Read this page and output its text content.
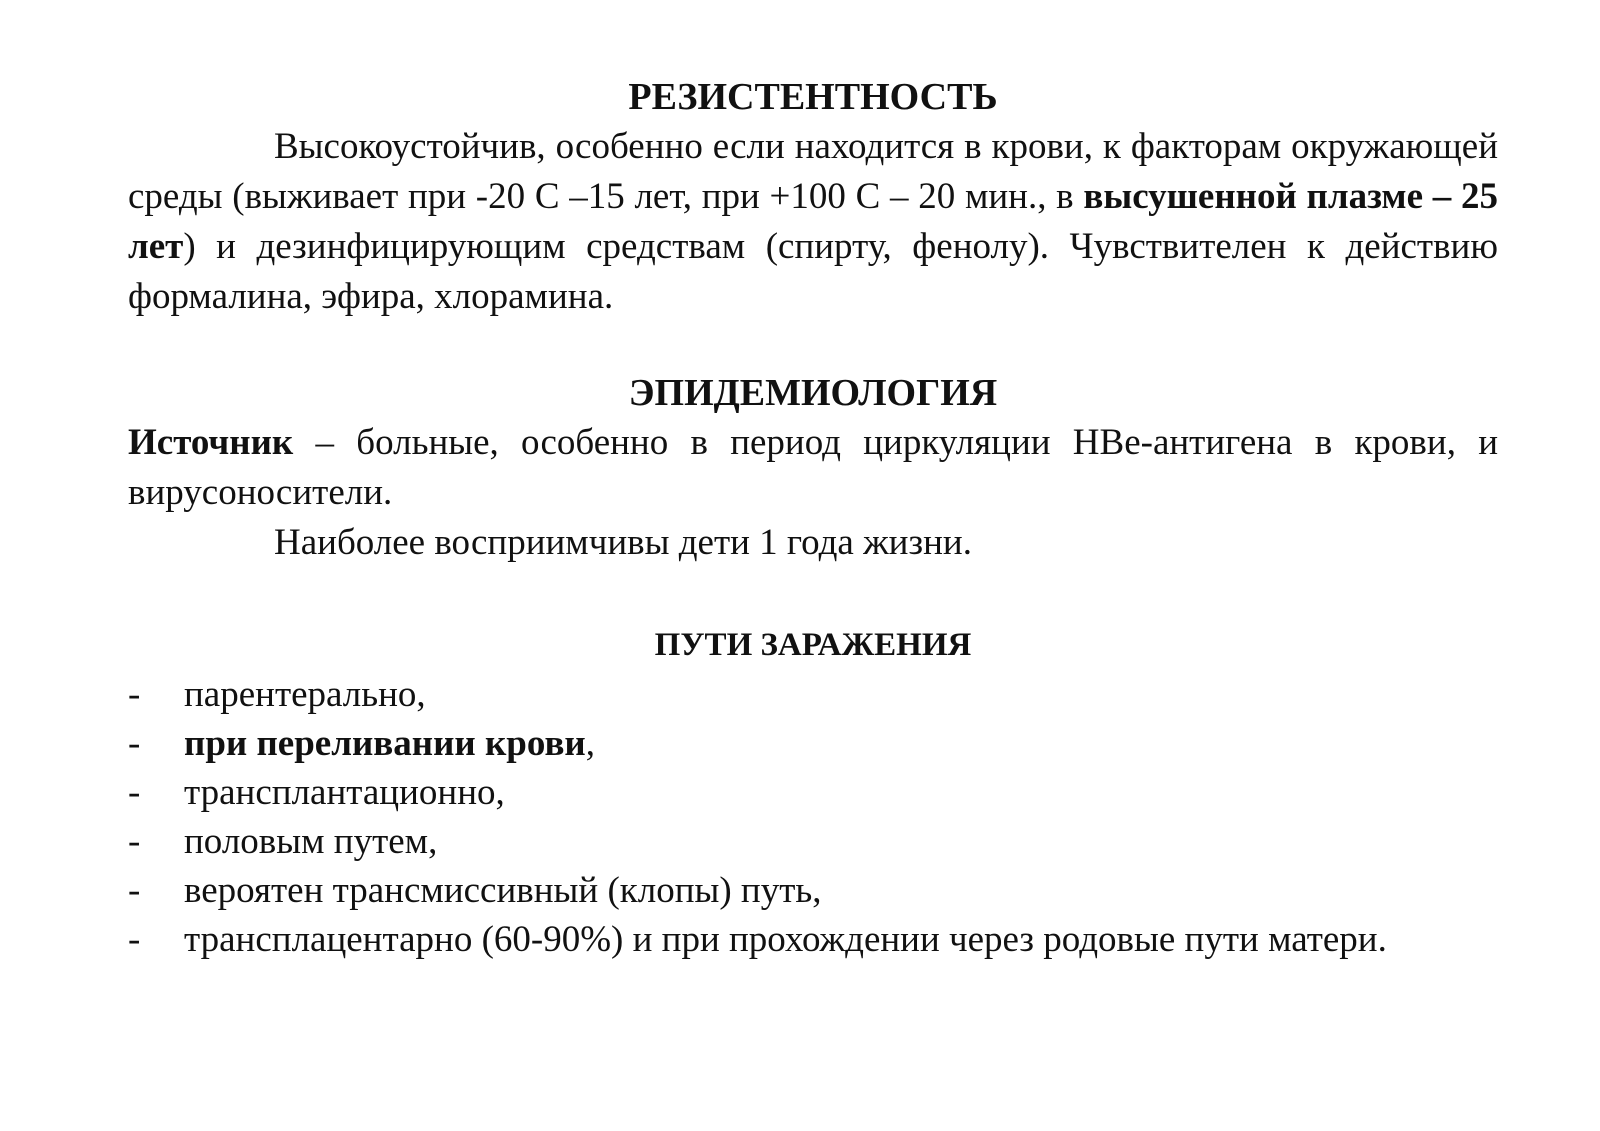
РЕЗИСТЕНТНОСТЬ

Высокоустойчив, особенно если находится в крови, к факторам окружающей среды (выживает при -20 С –15 лет, при +100 С – 20 мин., в высушенной плазме – 25 лет) и дезинфицирующим средствам (спирту, фенолу). Чувствителен к действию формалина, эфира, хлорамина.

ЭПИДЕМИОЛОГИЯ

Источник – больные, особенно в период циркуляции HBe-антигена в крови, и вирусоносители.

Наиболее восприимчивы дети 1 года жизни.

ПУТИ ЗАРАЖЕНИЯ
- парентерально,
- при переливании крови,
- трансплантационно,
- половым путем,
- вероятен трансмиссивный (клопы) путь,
- трансплацентарно (60-90%) и при прохождении через родовые пути матери.
